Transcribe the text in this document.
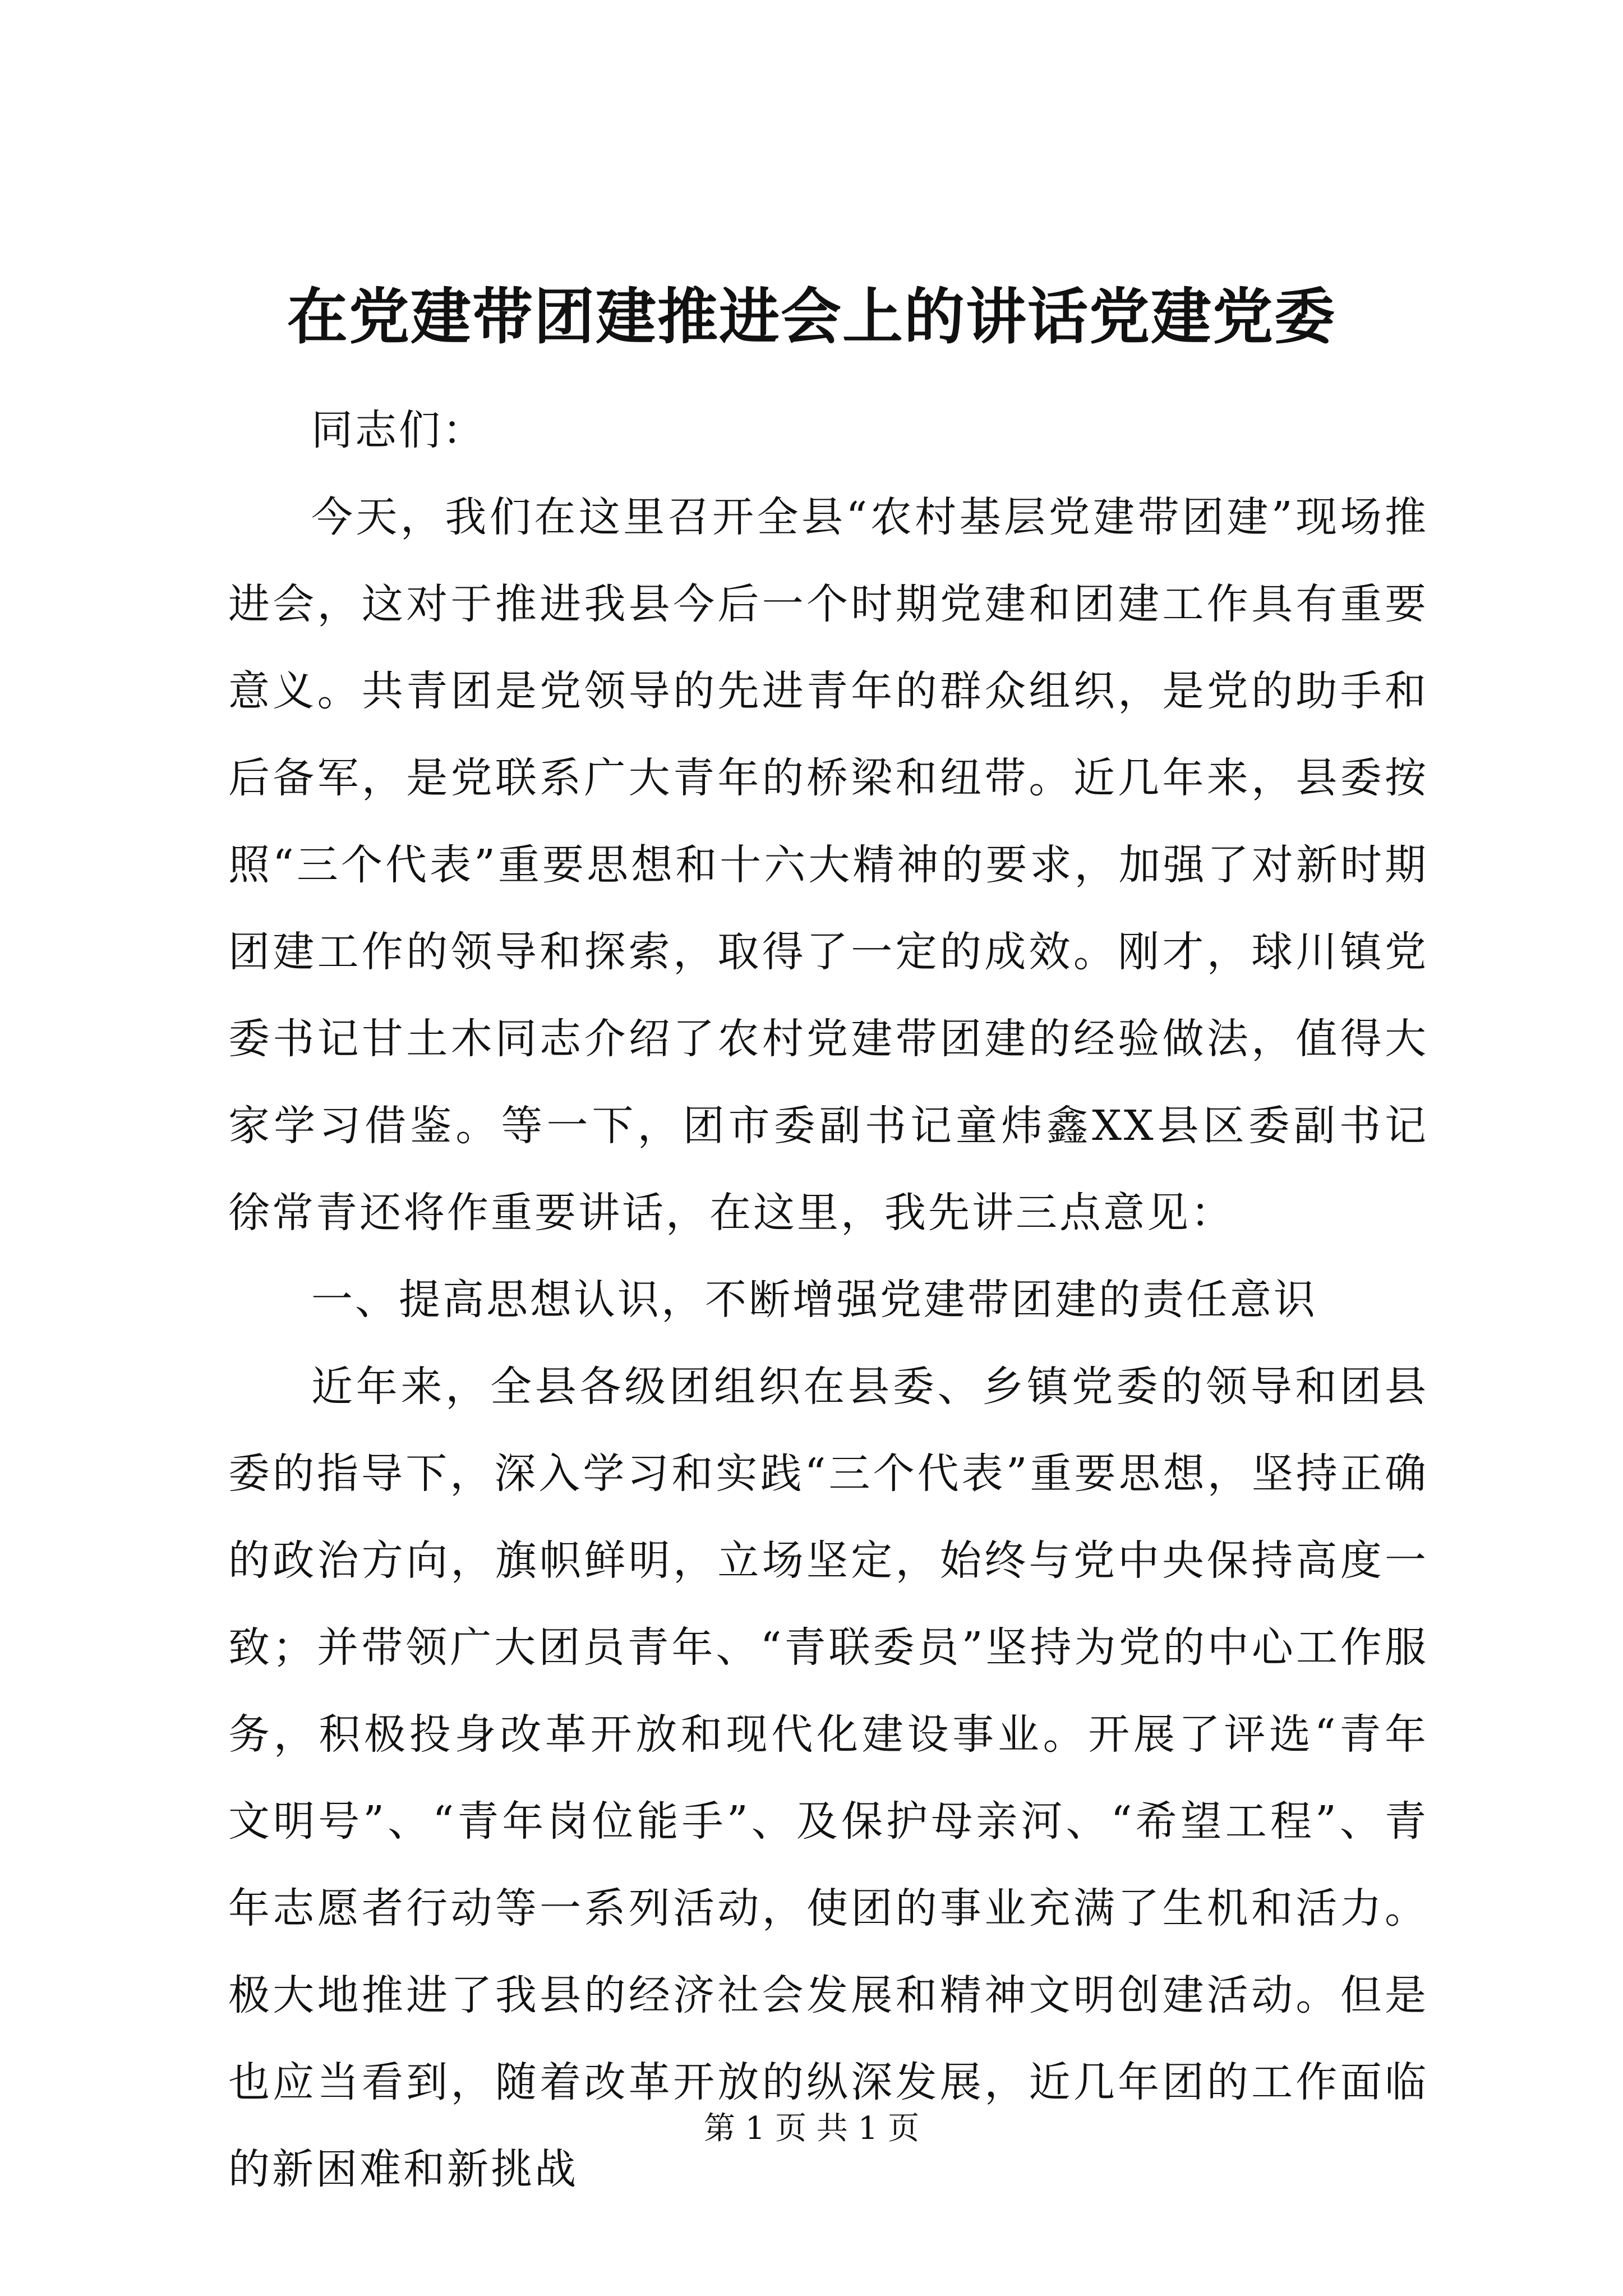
在党建带团建推进会上的讲话党建党委

同志们：

今天，我们在这里召开全县“农村基层党建带团建”现场推进会，这对于推进我县今后一个时期党建和团建工作具有重要意义。共青团是党领导的先进青年的群众组织，是党的助手和后备军，是党联系广大青年的桥梁和纽带。近几年来，县委按照“三个代表”重要思想和十六大精神的要求，加强了对新时期团建工作的领导和探索，取得了一定的成效。刚才，球川镇党委书记甘土木同志介绍了农村党建带团建的经验做法，值得大家学习借鉴。等一下，团市委副书记童炜鑫XX县区委副书记徐常青还将作重要讲话，在这里，我先讲三点意见：

一、提高思想认识，不断增强党建带团建的责任意识

近年来，全县各级团组织在县委、乡镇党委的领导和团县委的指导下，深入学习和实践“三个代表”重要思想，坚持正确的政治方向，旗帜鲜明，立场坚定，始终与党中央保持高度一致；并带领广大团员青年、“青联委员”坚持为党的中心工作服务，积极投身改革开放和现代化建设事业。开展了评选“青年文明号”、“青年岗位能手”、及保护母亲河、“希望工程”、青年志愿者行动等一系列活动，使团的事业充满了生机和活力。极大地推进了我县的经济社会发展和精神文明创建活动。但是也应当看到，随着改革开放的纵深发展，近几年团的工作面临的新困难和新挑战

第 1 页 共 1 页
